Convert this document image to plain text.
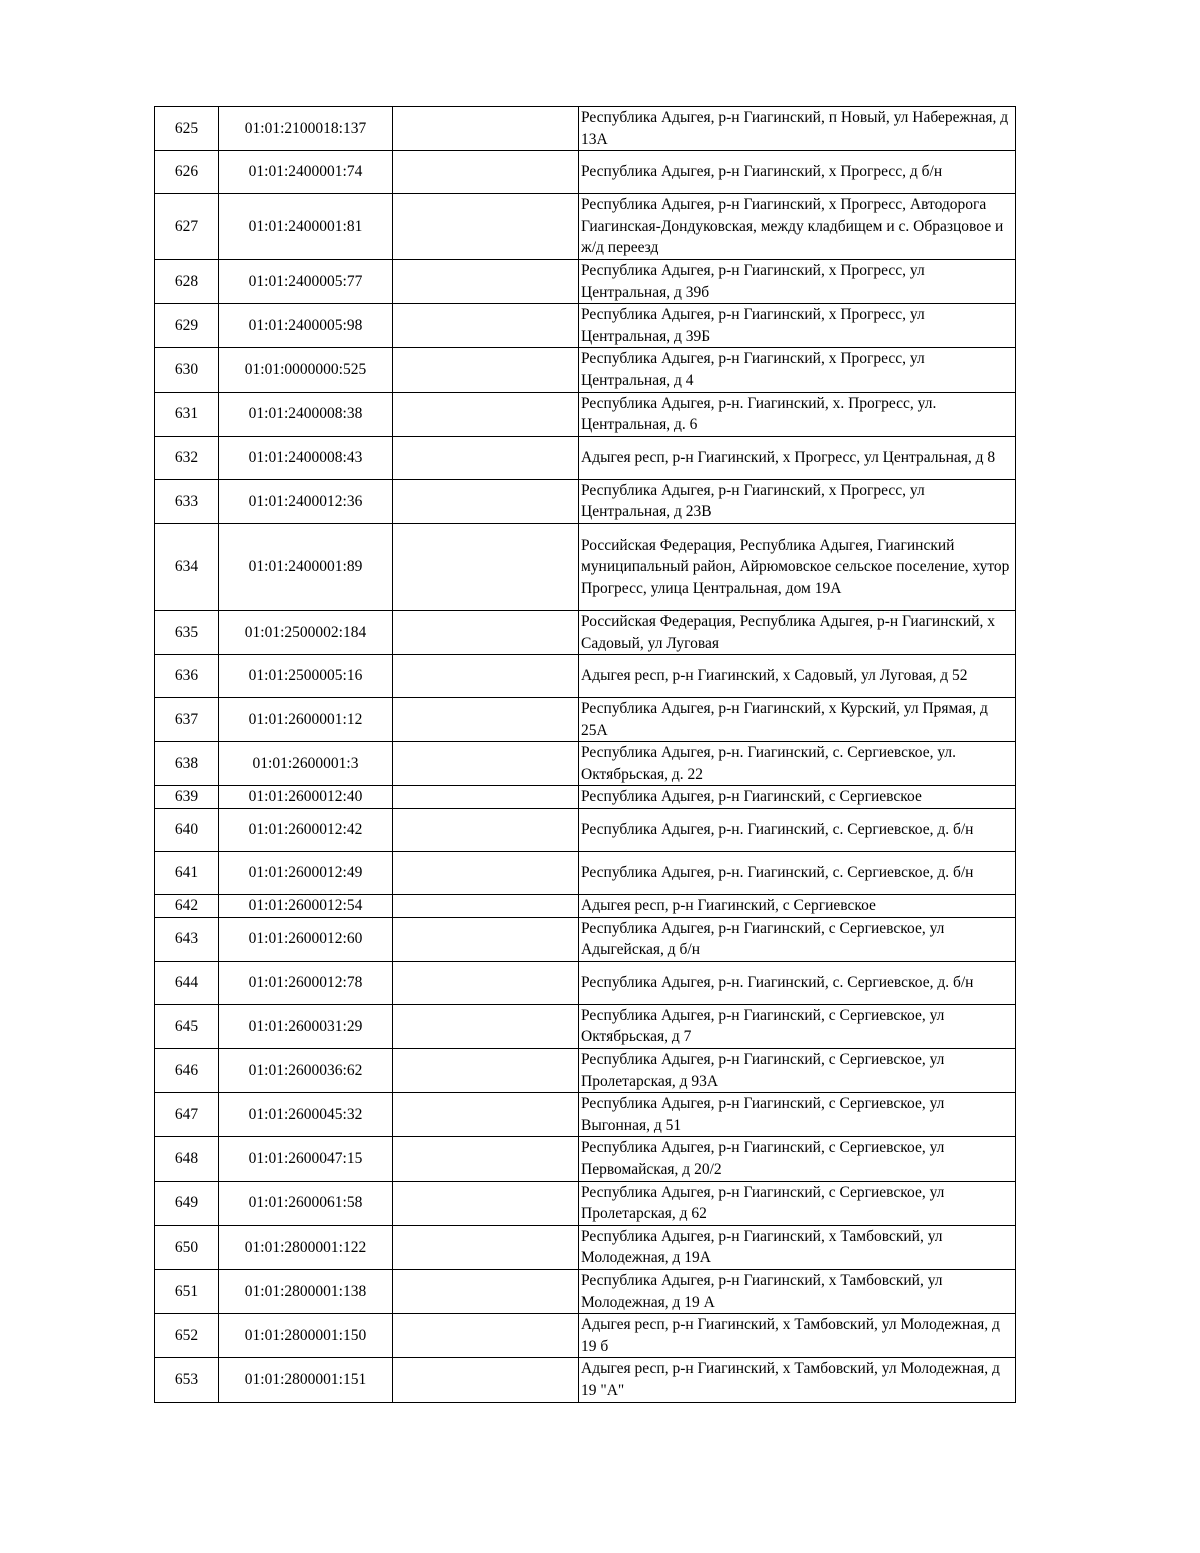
625	01:01:2100018:137		Республика Адыгея, р-н Гиагинский, п Новый, ул Набережная, д 13А
626	01:01:2400001:74		Республика Адыгея, р-н Гиагинский, х Прогресс, д б/н
627	01:01:2400001:81		Республика Адыгея, р-н Гиагинский, х Прогресс, Автодорога Гиагинская-Дондуковская, между кладбищем и с. Образцовое и ж/д переезд
628	01:01:2400005:77		Республика Адыгея, р-н Гиагинский, х Прогресс, ул Центральная, д 39б
629	01:01:2400005:98		Республика Адыгея, р-н Гиагинский, х Прогресс, ул Центральная, д 39Б
630	01:01:0000000:525		Республика Адыгея, р-н Гиагинский, х Прогресс, ул Центральная, д 4
631	01:01:2400008:38		Республика Адыгея, р-н. Гиагинский, х. Прогресс, ул. Центральная, д. 6
632	01:01:2400008:43		Адыгея респ, р-н Гиагинский, х Прогресс, ул Центральная, д 8
633	01:01:2400012:36		Республика Адыгея, р-н Гиагинский, х Прогресс, ул Центральная, д 23В
634	01:01:2400001:89		Российская Федерация, Республика Адыгея, Гиагинский муниципальный район, Айрюмовское сельское поселение, хутор Прогресс, улица Центральная, дом 19А
635	01:01:2500002:184		Российская Федерация, Республика Адыгея, р-н Гиагинский, х Садовый, ул Луговая
636	01:01:2500005:16		Адыгея респ, р-н Гиагинский, х Садовый, ул Луговая, д 52
637	01:01:2600001:12		Республика Адыгея, р-н Гиагинский, х Курский, ул Прямая, д 25А
638	01:01:2600001:3		Республика Адыгея, р-н. Гиагинский, с. Сергиевское, ул. Октябрьская, д. 22
639	01:01:2600012:40		Республика Адыгея, р-н Гиагинский, с Сергиевское
640	01:01:2600012:42		Республика Адыгея, р-н. Гиагинский, с. Сергиевское, д. б/н
641	01:01:2600012:49		Республика Адыгея, р-н. Гиагинский, с. Сергиевское, д. б/н
642	01:01:2600012:54		Адыгея респ, р-н Гиагинский, с Сергиевское
643	01:01:2600012:60		Республика Адыгея, р-н Гиагинский, с Сергиевское, ул Адыгейская, д б/н
644	01:01:2600012:78		Республика Адыгея, р-н. Гиагинский, с. Сергиевское, д. б/н
645	01:01:2600031:29		Республика Адыгея, р-н Гиагинский, с Сергиевское, ул Октябрьская, д 7
646	01:01:2600036:62		Республика Адыгея, р-н Гиагинский, с Сергиевское, ул Пролетарская, д 93А
647	01:01:2600045:32		Республика Адыгея, р-н Гиагинский, с Сергиевское, ул Выгонная, д 51
648	01:01:2600047:15		Республика Адыгея, р-н Гиагинский, с Сергиевское, ул Первомайская, д 20/2
649	01:01:2600061:58		Республика Адыгея, р-н Гиагинский, с Сергиевское, ул Пролетарская, д 62
650	01:01:2800001:122		Республика Адыгея, р-н Гиагинский, х Тамбовский, ул Молодежная, д 19А
651	01:01:2800001:138		Республика Адыгея, р-н Гиагинский, х Тамбовский, ул Молодежная, д 19 А
652	01:01:2800001:150		Адыгея респ, р-н Гиагинский, х Тамбовский, ул Молодежная, д 19 б
653	01:01:2800001:151		Адыгея респ, р-н Гиагинский, х Тамбовский, ул Молодежная, д 19 "А"
